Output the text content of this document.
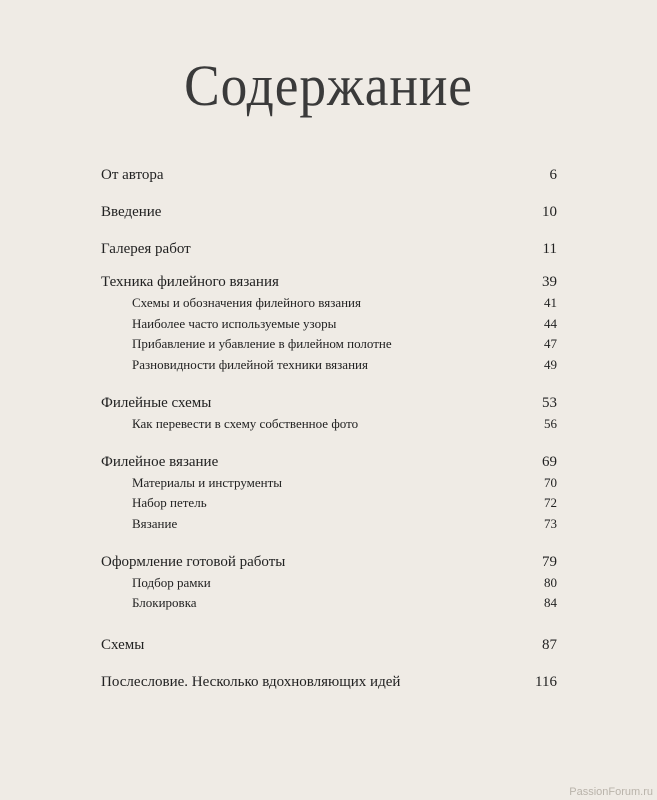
Содержание
От автора	6
Введение	10
Галерея работ	11
Техника филейного вязания	39
Схемы и обозначения филейного вязания	41
Наиболее часто используемые узоры	44
Прибавление и убавление в филейном полотне	47
Разновидности филейной техники вязания	49
Филейные схемы	53
Как перевести в схему собственное фото	56
Филейное вязание	69
Материалы и инструменты	70
Набор петель	72
Вязание	73
Оформление готовой работы	79
Подбор рамки	80
Блокировка	84
Схемы	87
Послесловие. Несколько вдохновляющих идей	116
PassionForum.ru
